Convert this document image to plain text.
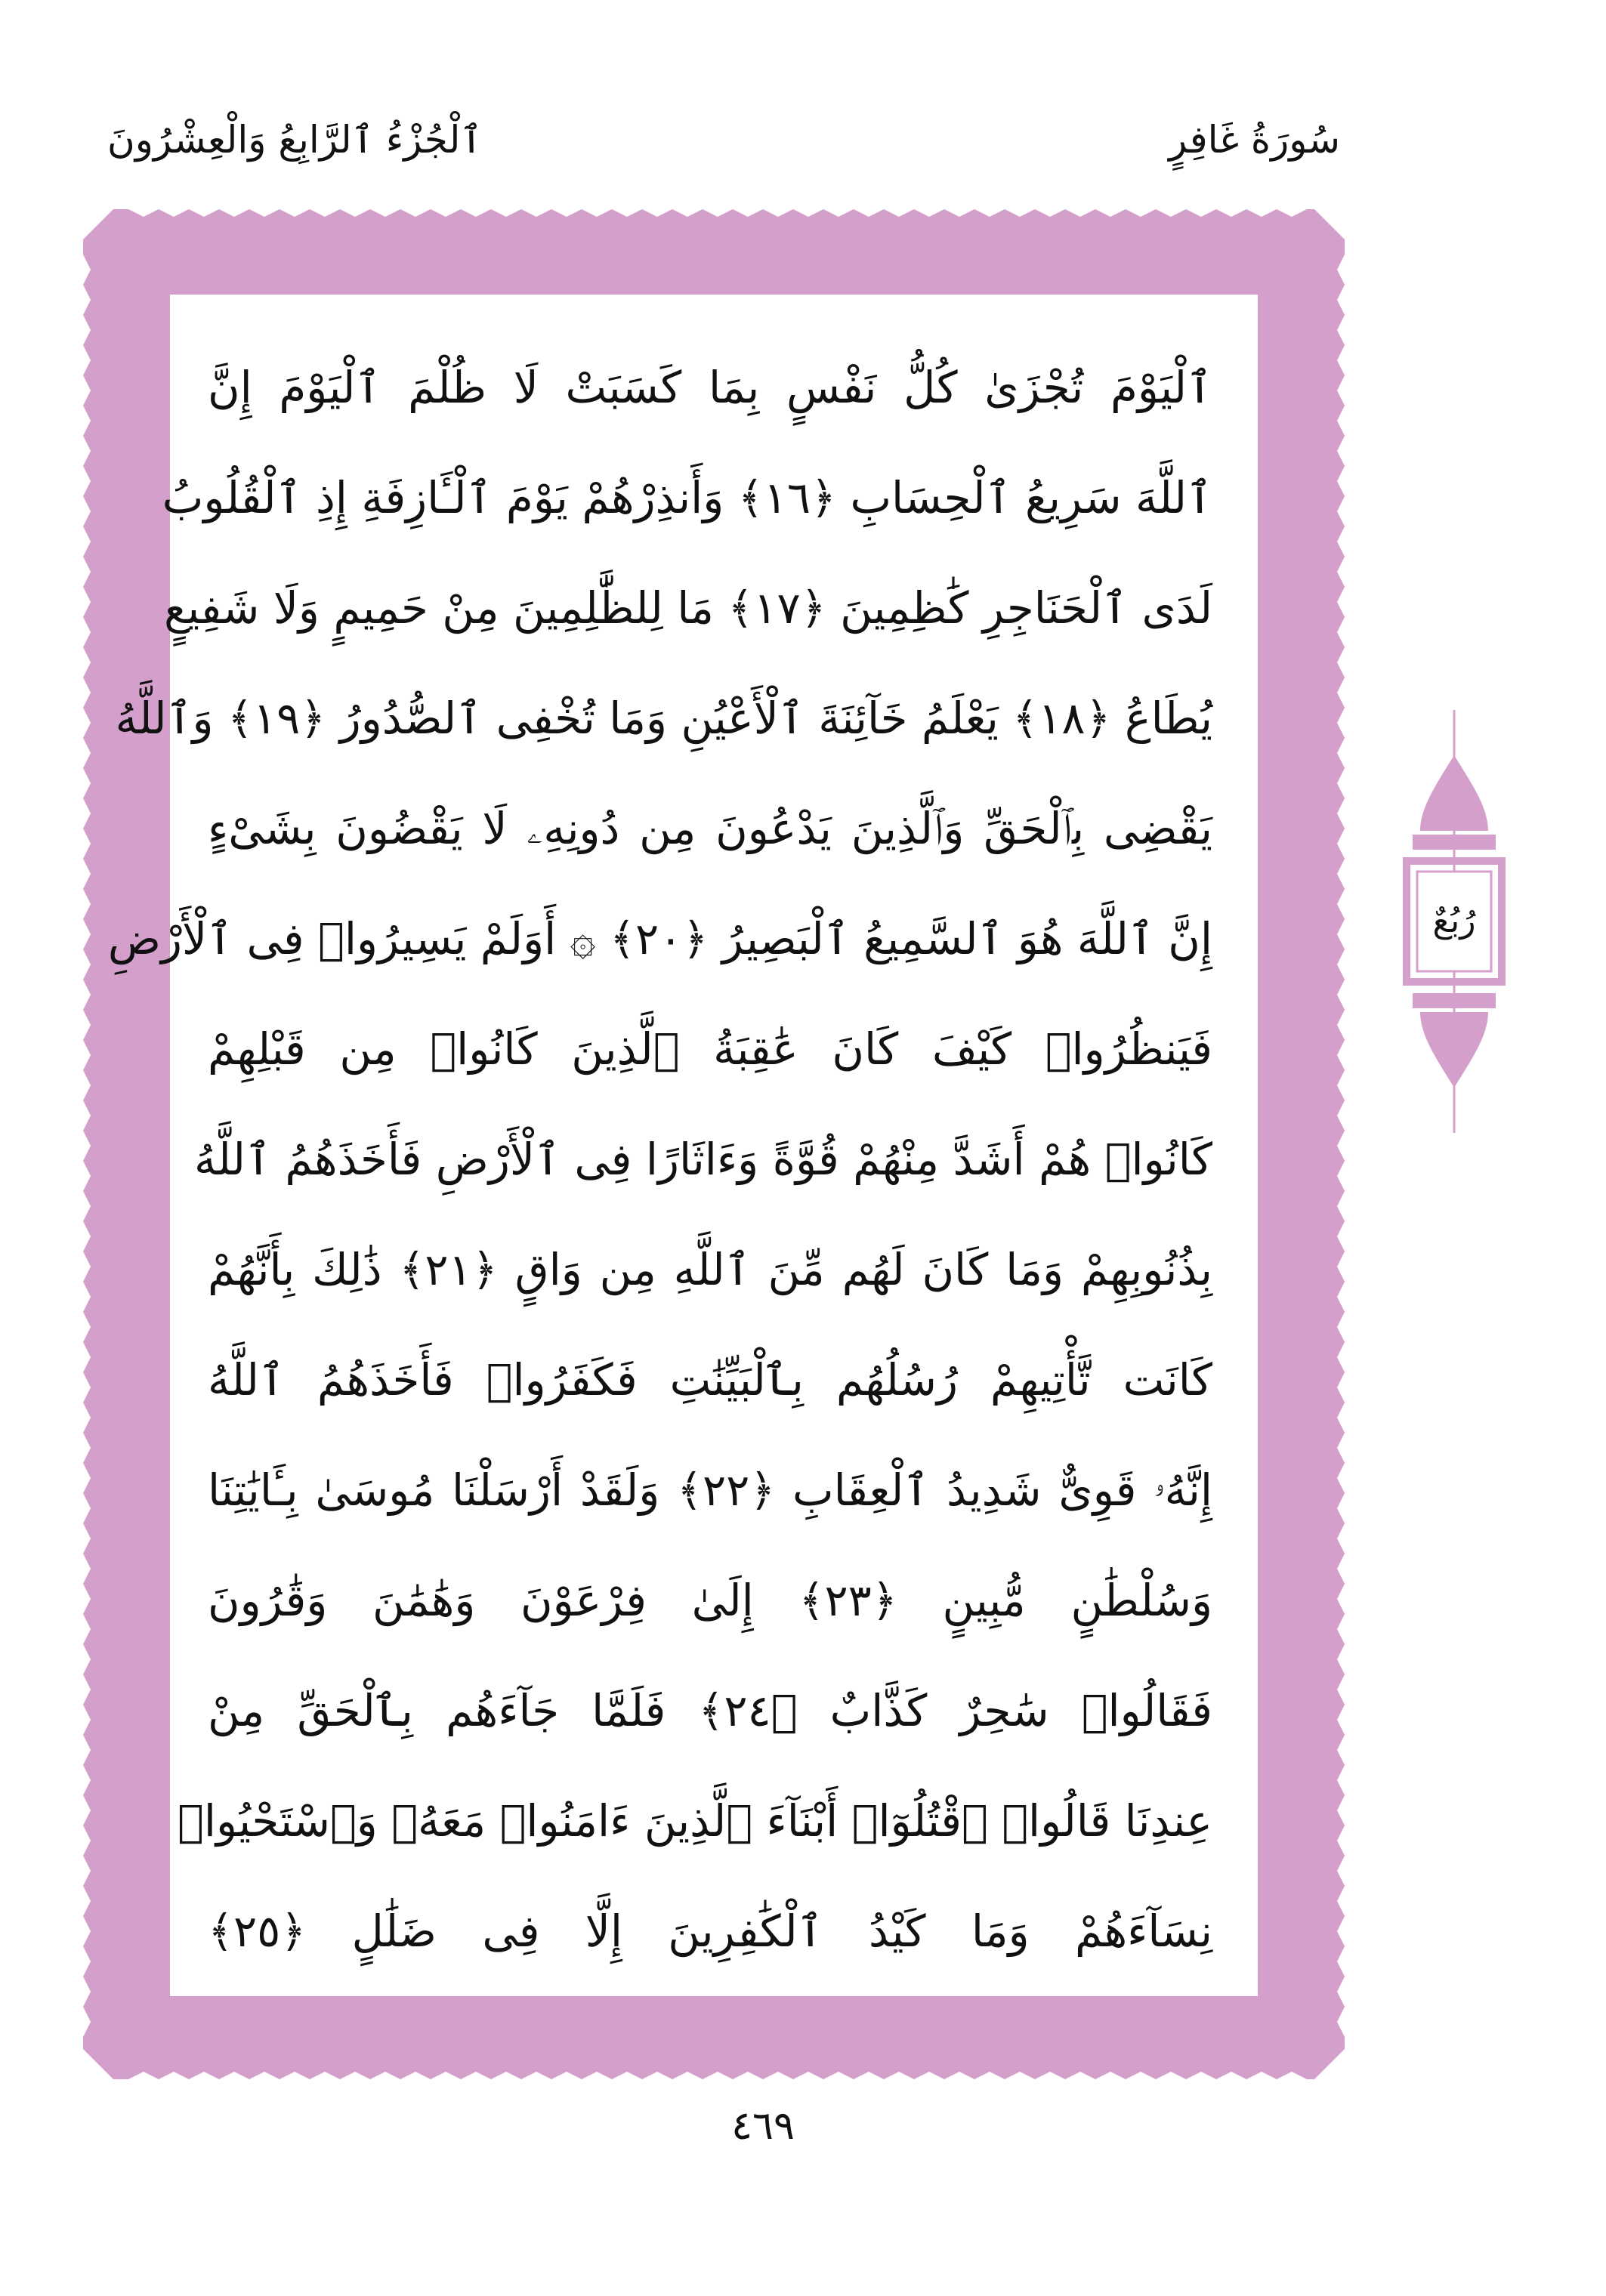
سُورَةُ غَافِرٍ
ٱلْجُزْءُ ٱلرَّابِعُ وَالْعِشْرُونَ
ٱلْيَوْمَ تُجْزَىٰ كُلُّ نَفْسٍ بِمَا كَسَبَتْ لَا ظُلْمَ ٱلْيَوْمَ إِنَّ
ٱللَّهَ سَرِيعُ ٱلْحِسَابِ ﴿١٦﴾ وَأَنذِرْهُمْ يَوْمَ ٱلْـَٔازِفَةِ إِذِ ٱلْقُلُوبُ
لَدَى ٱلْحَنَاجِرِ كَٰظِمِينَ ﴿١٧﴾ مَا لِلظَّٰلِمِينَ مِنْ حَمِيمٍ وَلَا شَفِيعٍ
يُطَاعُ ﴿١٨﴾ يَعْلَمُ خَآئِنَةَ ٱلْأَعْيُنِ وَمَا تُخْفِى ٱلصُّدُورُ ﴿١٩﴾ وَٱللَّهُ
يَقْضِى بِٱلْحَقِّ وَٱلَّذِينَ يَدْعُونَ مِن دُونِهِۦ لَا يَقْضُونَ بِشَىْءٍ
إِنَّ ٱللَّهَ هُوَ ٱلسَّمِيعُ ٱلْبَصِيرُ ﴿٢٠﴾ ۞ أَوَلَمْ يَسِيرُوا۟ فِى ٱلْأَرْضِ
فَيَنظُرُوا۟ كَيْفَ كَانَ عَٰقِبَةُ ٱلَّذِينَ كَانُوا۟ مِن قَبْلِهِمْ
كَانُوا۟ هُمْ أَشَدَّ مِنْهُمْ قُوَّةً وَءَاثَارًا فِى ٱلْأَرْضِ فَأَخَذَهُمُ ٱللَّهُ
بِذُنُوبِهِمْ وَمَا كَانَ لَهُم مِّنَ ٱللَّهِ مِن وَاقٍ ﴿٢١﴾ ذَٰلِكَ بِأَنَّهُمْ
كَانَت تَّأْتِيهِمْ رُسُلُهُم بِٱلْبَيِّنَٰتِ فَكَفَرُوا۟ فَأَخَذَهُمُ ٱللَّهُ
إِنَّهُۥ قَوِىٌّ شَدِيدُ ٱلْعِقَابِ ﴿٢٢﴾ وَلَقَدْ أَرْسَلْنَا مُوسَىٰ بِـَٔايَٰتِنَا
وَسُلْطَٰنٍ مُّبِينٍ ﴿٢٣﴾ إِلَىٰ فِرْعَوْنَ وَهَٰمَٰنَ وَقَٰرُونَ
فَقَالُوا۟ سَٰحِرٌ كَذَّابٌ ﴿٢٤﴾ فَلَمَّا جَآءَهُم بِٱلْحَقِّ مِنْ
عِندِنَا قَالُوا۟ ٱقْتُلُوٓا۟ أَبْنَآءَ ٱلَّذِينَ ءَامَنُوا۟ مَعَهُۥ وَٱسْتَحْيُوا۟
نِسَآءَهُمْ وَمَا كَيْدُ ٱلْكَٰفِرِينَ إِلَّا فِى ضَلَٰلٍ ﴿٢٥﴾
رُبُعٌ
٤٦٩
